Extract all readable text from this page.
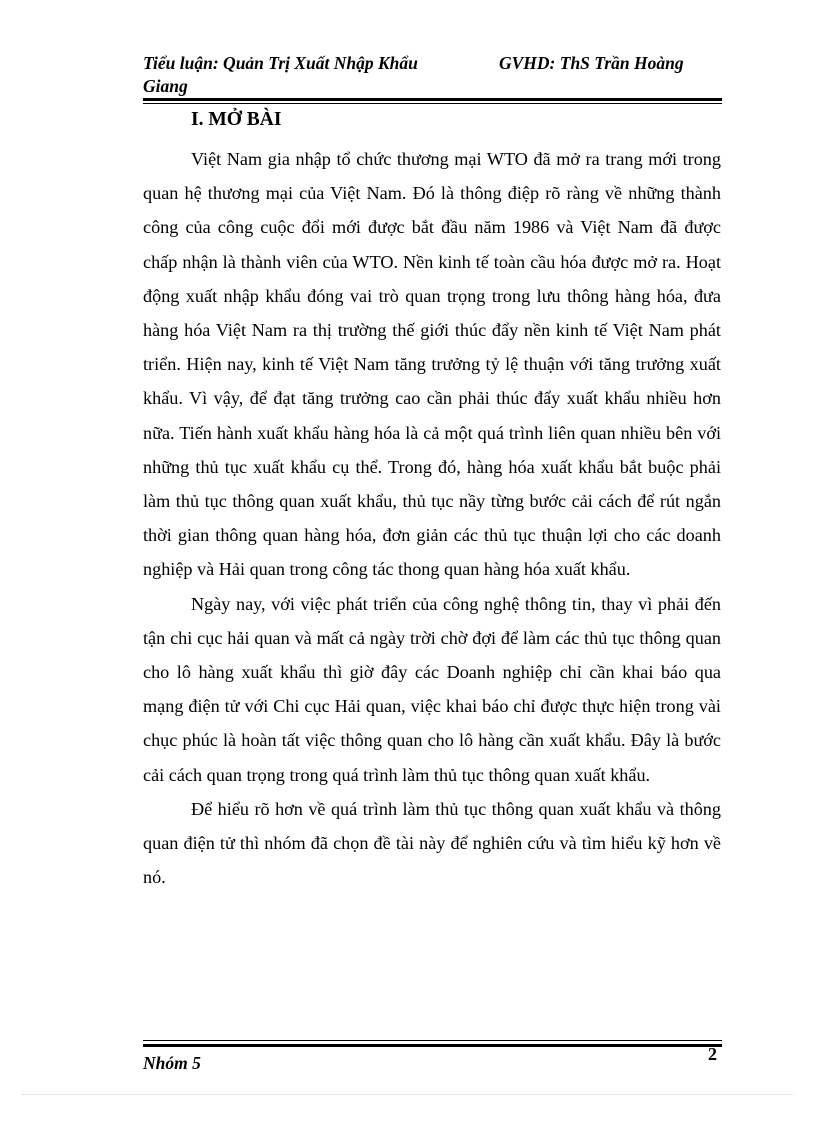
Tiểu luận: Quản Trị Xuất Nhập Khẩu	GVHD: ThS Trần Hoàng
Giang
I. MỞ BÀI

Việt Nam gia nhập tổ chức thương mại WTO đã mở ra trang mới trong quan hệ thương mại của Việt Nam. Đó là thông điệp rõ ràng về những thành công của công cuộc đổi mới được bắt đầu năm 1986 và Việt Nam đã được chấp nhận là thành viên của WTO. Nền kinh tế toàn cầu hóa được mở ra. Hoạt động xuất nhập khẩu đóng vai trò quan trọng trong lưu thông hàng hóa, đưa hàng hóa Việt Nam ra thị trường thế giới thúc đẩy nền kinh tế Việt Nam phát triển. Hiện nay, kinh tế Việt Nam tăng trưởng tỷ lệ thuận với tăng trưởng xuất khẩu. Vì vậy, để đạt tăng trưởng cao cần phải thúc đẩy xuất khẩu nhiều hơn nữa. Tiến hành xuất khẩu hàng hóa là cả một quá trình liên quan nhiều bên với những thủ tục xuất khẩu cụ thể. Trong đó, hàng hóa xuất khẩu bắt buộc phải làm thủ tục thông quan xuất khẩu, thủ tục nầy từng bước cải cách để rút ngắn thời gian thông quan hàng hóa, đơn giản các thủ tục thuận lợi cho các doanh nghiệp và Hải quan trong công tác thong quan hàng hóa xuất khẩu.

Ngày nay, với việc phát triển của công nghệ thông tin, thay vì phải đến tận chi cục hải quan và mất cả ngày trời chờ đợi để làm các thủ tục thông quan cho lô hàng xuất khẩu thì giờ đây các Doanh nghiệp chỉ cần khai báo qua mạng điện tử với Chi cục Hải quan, việc khai báo chỉ được thực hiện trong vài chục phúc là hoàn tất việc thông quan cho lô hàng cần xuất khẩu. Đây là bước cải cách quan trọng trong quá trình làm thủ tục thông quan xuất khẩu.

Để hiểu rõ hơn về quá trình làm thủ tục thông quan xuất khẩu và thông quan điện tử thì nhóm đã chọn đề tài này để nghiên cứu và tìm hiểu kỹ hơn về nó.

Nhóm 5	2
